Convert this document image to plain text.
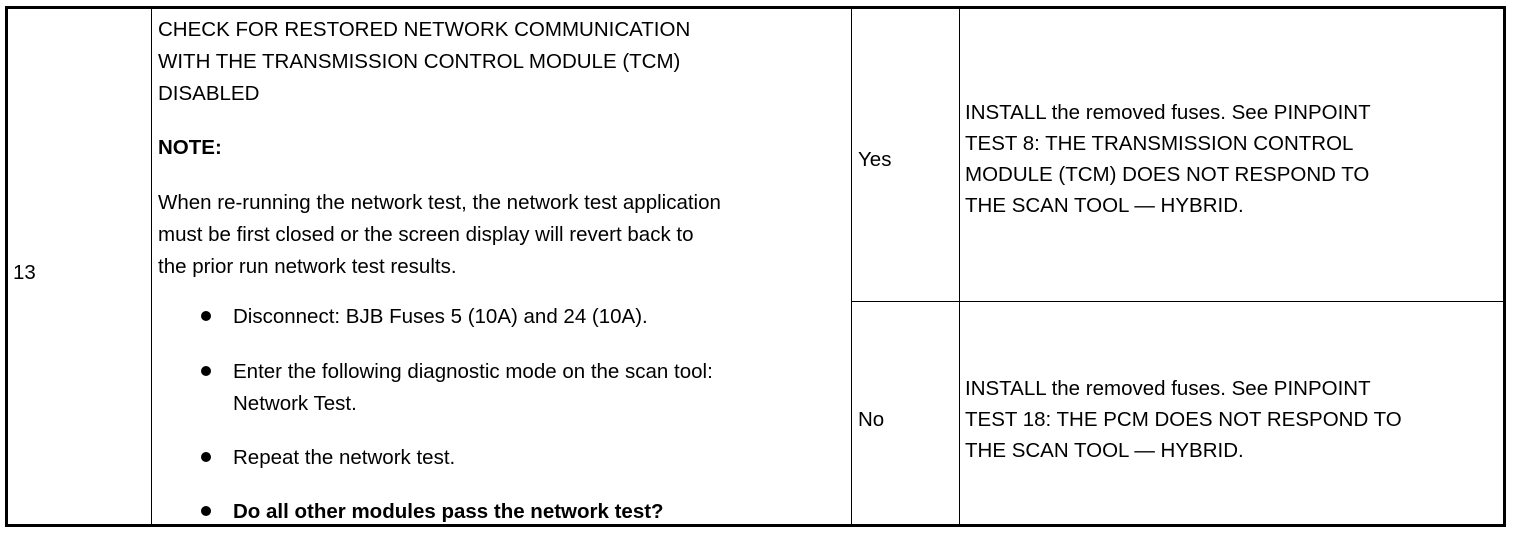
13
CHECK FOR RESTORED NETWORK COMMUNICATION
WITH THE TRANSMISSION CONTROL MODULE (TCM)
DISABLED
NOTE:
When re-running the network test, the network test application
must be first closed or the screen display will revert back to
the prior run network test results.
Disconnect: BJB Fuses 5 (10A) and 24 (10A).
Enter the following diagnostic mode on the scan tool:
Network Test.
Repeat the network test.
Do all other modules pass the network test?
Yes
INSTALL the removed fuses. See PINPOINT
TEST 8: THE TRANSMISSION CONTROL
MODULE (TCM) DOES NOT RESPOND TO
THE SCAN TOOL — HYBRID.
No
INSTALL the removed fuses. See PINPOINT
TEST 18: THE PCM DOES NOT RESPOND TO
THE SCAN TOOL — HYBRID.
